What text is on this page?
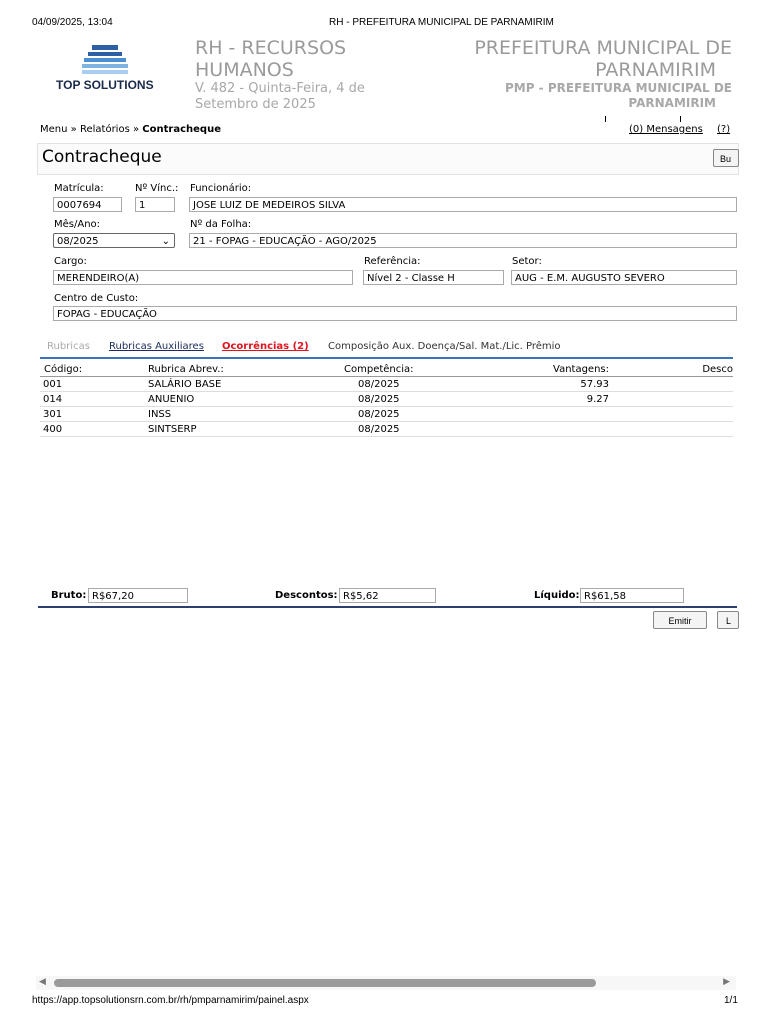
04/09/2025, 13:04	RH - PREFEITURA MUNICIPAL DE PARNAMIRIM
TOP SOLUTIONS
RH - RECURSOS
HUMANOS
V. 482 - Quinta-Feira, 4 de
Setembro de 2025
PREFEITURA MUNICIPAL DE
PARNAMIRIM
PMP - PREFEITURA MUNICIPAL DE
PARNAMIRIM
Menu » Relatórios » Contracheque	(0) Mensagens (?)
Contracheque	Bu
Matrícula:
0007694
Nº Vínc.:
1
Funcionário:
JOSE LUIZ DE MEDEIROS SILVA
Mês/Ano:
08/2025	⌄
Nº da Folha:
21 - FOPAG - EDUCAÇÃO - AGO/2025
Cargo:
MERENDEIRO(A)
Referência:
Nível 2 - Classe H
Setor:
AUG - E.M. AUGUSTO SEVERO
Centro de Custo:
FOPAG - EDUCAÇÃO
Rubricas Rubricas Auxiliares Ocorrências (2) Composição Aux. Doença/Sal. Mat./Lic. Prêmio
Código:	Rubrica Abrev.:	Competência:	Vantagens:	Desco
001	SALÁRIO BASE	08/2025	57.93	
014	ANUENIO	08/2025	9.27	
301	INSS	08/2025		
400	SINTSERP	08/2025		
Bruto: R$67,20	Descontos: R$5,62	Líquido: R$61,58
Emitir	L
◀	▶
https://app.topsolutionsrn.com.br/rh/pmparnamirim/painel.aspx	1/1
